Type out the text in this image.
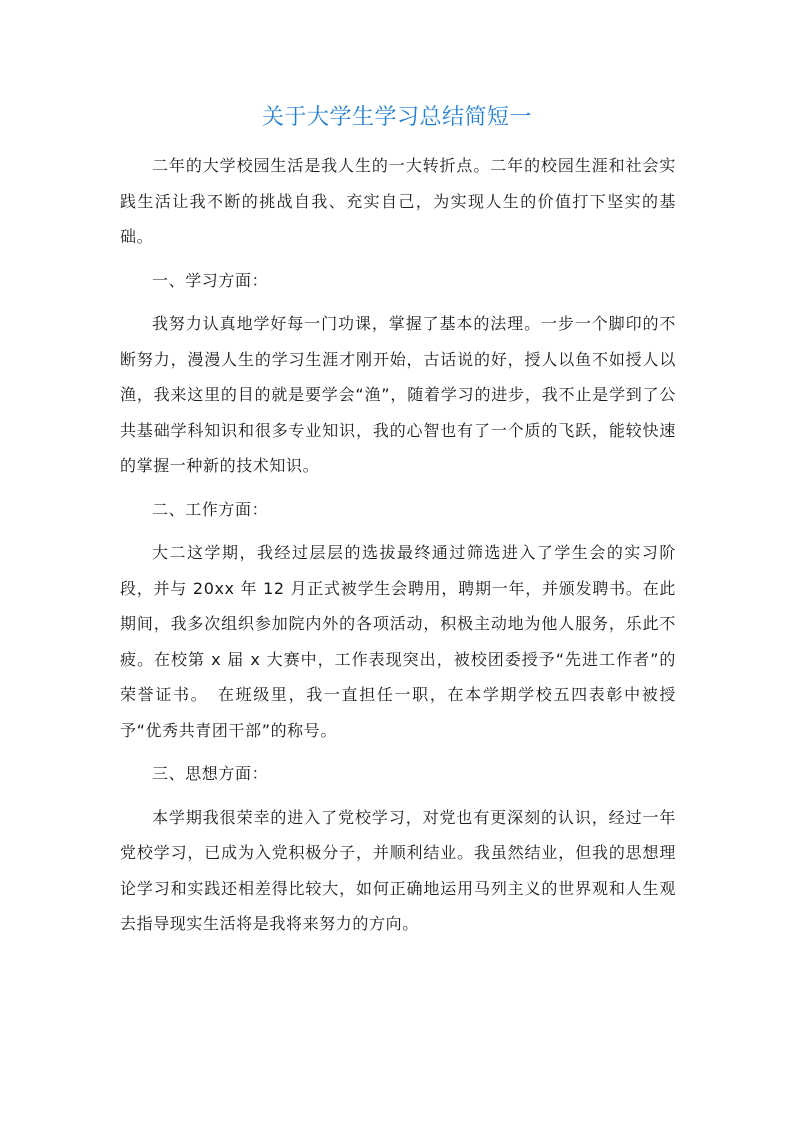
关于大学生学习总结简短一

二年的大学校园生活是我人生的一大转折点。二年的校园生涯和社会实践生活让我不断的挑战自我、充实自己，为实现人生的价值打下坚实的基础。

一、学习方面：

我努力认真地学好每一门功课，掌握了基本的法理。一步一个脚印的不断努力，漫漫人生的学习生涯才刚开始，古话说的好，授人以鱼不如授人以渔，我来这里的目的就是要学会“渔”，随着学习的进步，我不止是学到了公共基础学科知识和很多专业知识，我的心智也有了一个质的飞跃，能较快速的掌握一种新的技术知识。

二、工作方面：

大二这学期，我经过层层的选拔最终通过筛选进入了学生会的实习阶段，并与 20xx 年 12 月正式被学生会聘用，聘期一年，并颁发聘书。在此期间，我多次组织参加院内外的各项活动，积极主动地为他人服务，乐此不疲。在校第 x 届 x 大赛中，工作表现突出，被校团委授予“先进工作者”的荣誉证书。　在班级里，我一直担任一职，在本学期学校五四表彰中被授予“优秀共青团干部”的称号。

三、思想方面：

本学期我很荣幸的进入了党校学习，对党也有更深刻的认识，经过一年党校学习，已成为入党积极分子，并顺利结业。我虽然结业，但我的思想理论学习和实践还相差得比较大，如何正确地运用马列主义的世界观和人生观去指导现实生活将是我将来努力的方向。
